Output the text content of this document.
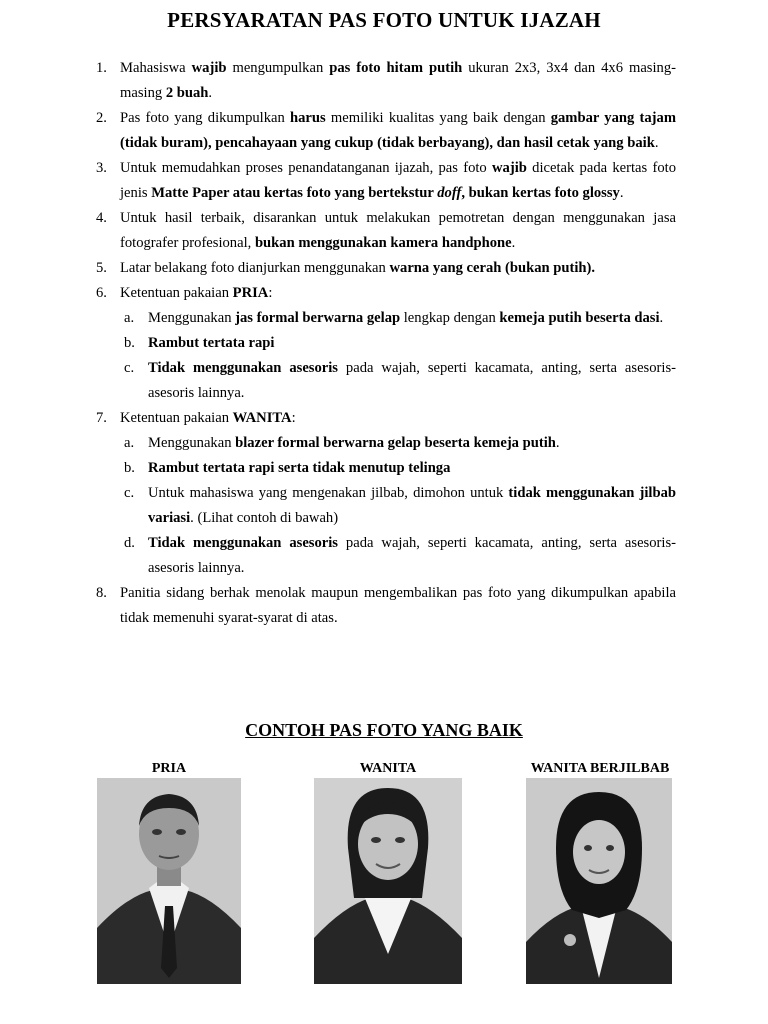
PERSYARATAN PAS FOTO UNTUK IJAZAH
1. Mahasiswa wajib mengumpulkan pas foto hitam putih ukuran 2x3, 3x4 dan 4x6 masing-masing 2 buah.
2. Pas foto yang dikumpulkan harus memiliki kualitas yang baik dengan gambar yang tajam (tidak buram), pencahayaan yang cukup (tidak berbayang), dan hasil cetak yang baik.
3. Untuk memudahkan proses penandatanganan ijazah, pas foto wajib dicetak pada kertas foto jenis Matte Paper atau kertas foto yang bertekstur doff, bukan kertas foto glossy.
4. Untuk hasil terbaik, disarankan untuk melakukan pemotretan dengan menggunakan jasa fotografer profesional, bukan menggunakan kamera handphone.
5. Latar belakang foto dianjurkan menggunakan warna yang cerah (bukan putih).
6. Ketentuan pakaian PRIA:
a. Menggunakan jas formal berwarna gelap lengkap dengan kemeja putih beserta dasi.
b. Rambut tertata rapi
c. Tidak menggunakan asesoris pada wajah, seperti kacamata, anting, serta asesoris-asesoris lainnya.
7. Ketentuan pakaian WANITA:
a. Menggunakan blazer formal berwarna gelap beserta kemeja putih.
b. Rambut tertata rapi serta tidak menutup telinga
c. Untuk mahasiswa yang mengenakan jilbab, dimohon untuk tidak menggunakan jilbab variasi. (Lihat contoh di bawah)
d. Tidak menggunakan asesoris pada wajah, seperti kacamata, anting, serta asesoris-asesoris lainnya.
8. Panitia sidang berhak menolak maupun mengembalikan pas foto yang dikumpulkan apabila tidak memenuhi syarat-syarat di atas.
CONTOH PAS FOTO YANG BAIK
PRIA	WANITA	WANITA BERJILBAB
